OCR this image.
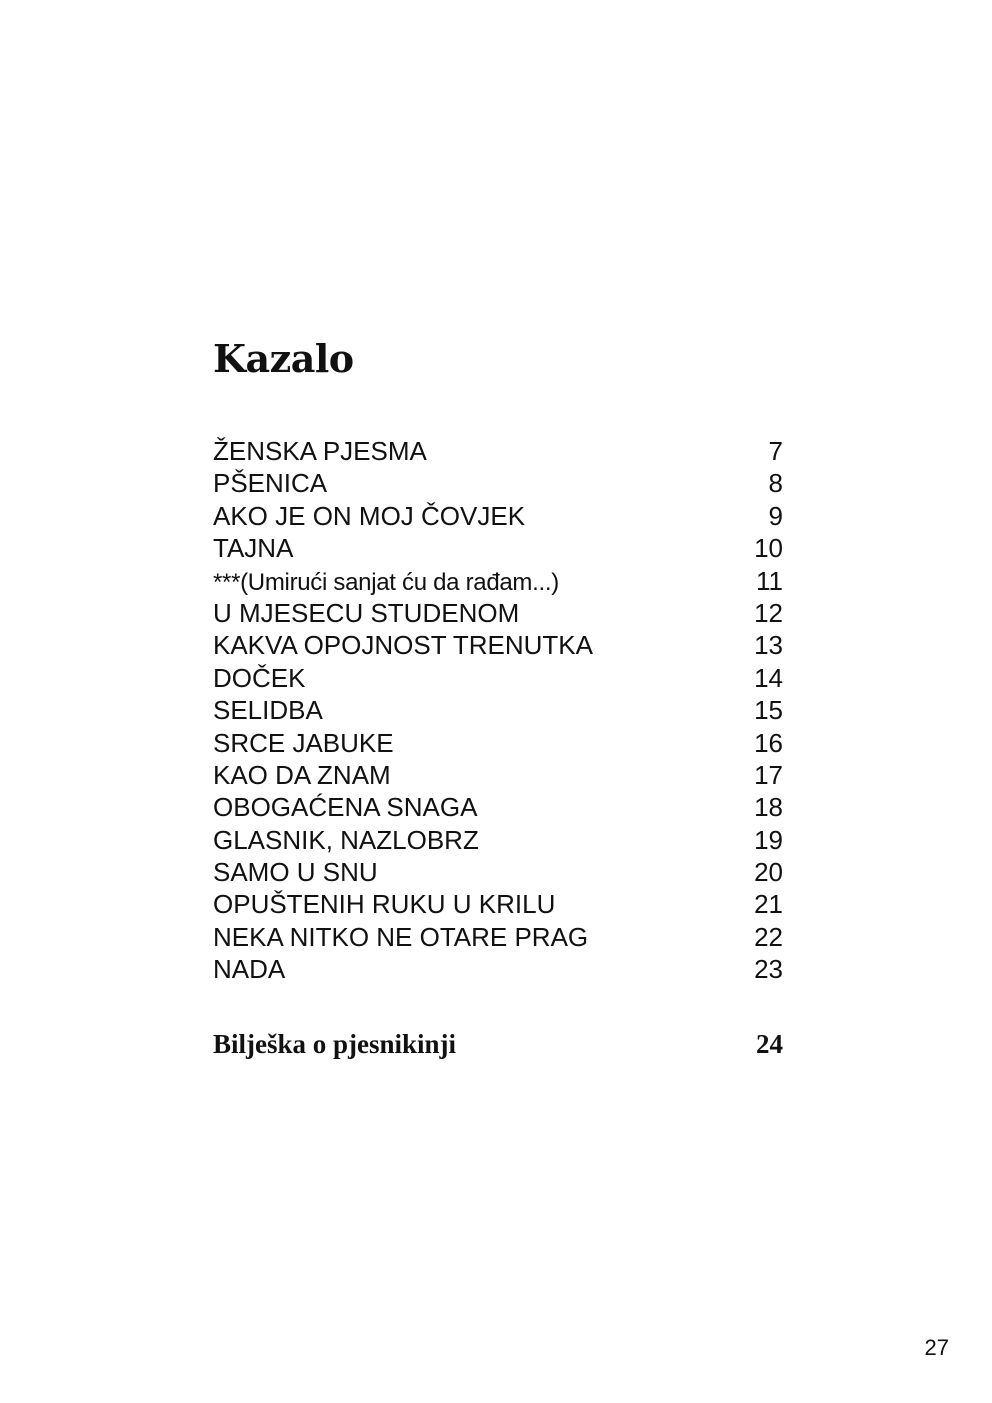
Kazalo
ŽENSKA PJESMA	7
PŠENICA	8
AKO JE ON MOJ ČOVJEK	9
TAJNA	10
***(Umirući sanjat ću da rađam...)	11
U MJESECU STUDENOM	12
KAKVA OPOJNOST TRENUTKA	13
DOČEK	14
SELIDBA	15
SRCE JABUKE	16
KAO DA ZNAM	17
OBOGAĆENA SNAGA	18
GLASNIK, NAZLOBRZ	19
SAMO U SNU	20
OPUŠTENIH RUKU U KRILU	21
NEKA NITKO NE OTARE PRAG	22
NADA	23
Bilješka o pjesnikinji	24
27
